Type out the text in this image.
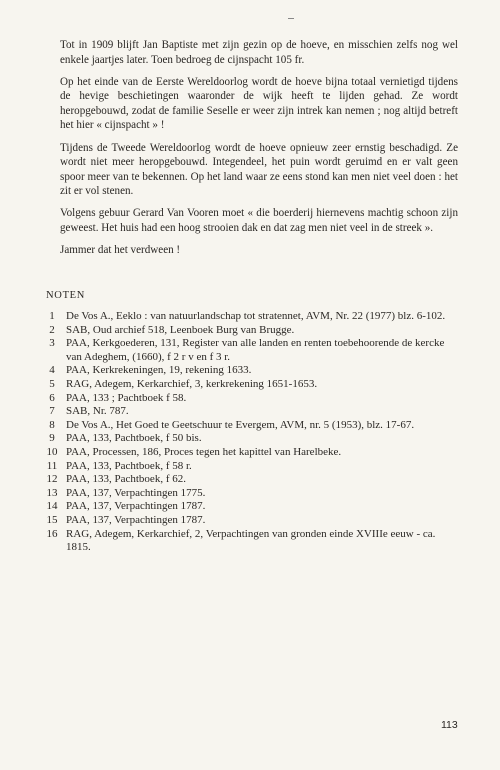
Tot in 1909 blijft Jan Baptiste met zijn gezin op de hoeve, en misschien zelfs nog wel enkele jaartjes later. Toen bedroeg de cijnspacht 105 fr.

Op het einde van de Eerste Wereldoorlog wordt de hoeve bijna totaal vernietigd tijdens de hevige beschietingen waaronder de wijk heeft te lijden gehad. Ze wordt heropgebouwd, zodat de familie Seselle er weer zijn intrek kan nemen ; nog altijd betreft het hier « cijnspacht » !

Tijdens de Tweede Wereldoorlog wordt de hoeve opnieuw zeer ernstig beschadigd. Ze wordt niet meer heropgebouwd. Integendeel, het puin wordt geruimd en er valt geen spoor meer van te bekennen. Op het land waar ze eens stond kan men niet veel doen : het zit er vol stenen.

Volgens gebuur Gerard Van Vooren moet « die boerderij hiernevens machtig schoon zijn geweest. Het huis had een hoog strooien dak en dat zag men niet veel in de streek ».

Jammer dat het verdween !

NOTEN
1	De Vos A., Eeklo : van natuurlandschap tot stratennet, AVM, Nr. 22 (1977) blz. 6-102.
2	SAB, Oud archief 518, Leenboek Burg van Brugge.
3	PAA, Kerkgoederen, 131, Register van alle landen en renten toebehoorende de kercke van Adeghem, (1660), f 2 r v en f 3 r.
4	PAA, Kerkrekeningen, 19, rekening 1633.
5	RAG, Adegem, Kerkarchief, 3, kerkrekening 1651-1653.
6	PAA, 133 ; Pachtboek f 58.
7	SAB, Nr. 787.
8	De Vos A., Het Goed te Geetschuur te Evergem, AVM, nr. 5 (1953), blz. 17-67.
9	PAA, 133, Pachtboek, f 50 bis.
10 PAA, Processen, 186, Proces tegen het kapittel van Harelbeke.
11 PAA, 133, Pachtboek, f 58 r.
12 PAA, 133, Pachtboek, f 62.
13 PAA, 137, Verpachtingen 1775.
14 PAA, 137, Verpachtingen 1787.
15 PAA, 137, Verpachtingen 1787.
16 RAG, Adegem, Kerkarchief, 2, Verpachtingen van gronden einde XVIIIe eeuw - ca. 1815.
113
